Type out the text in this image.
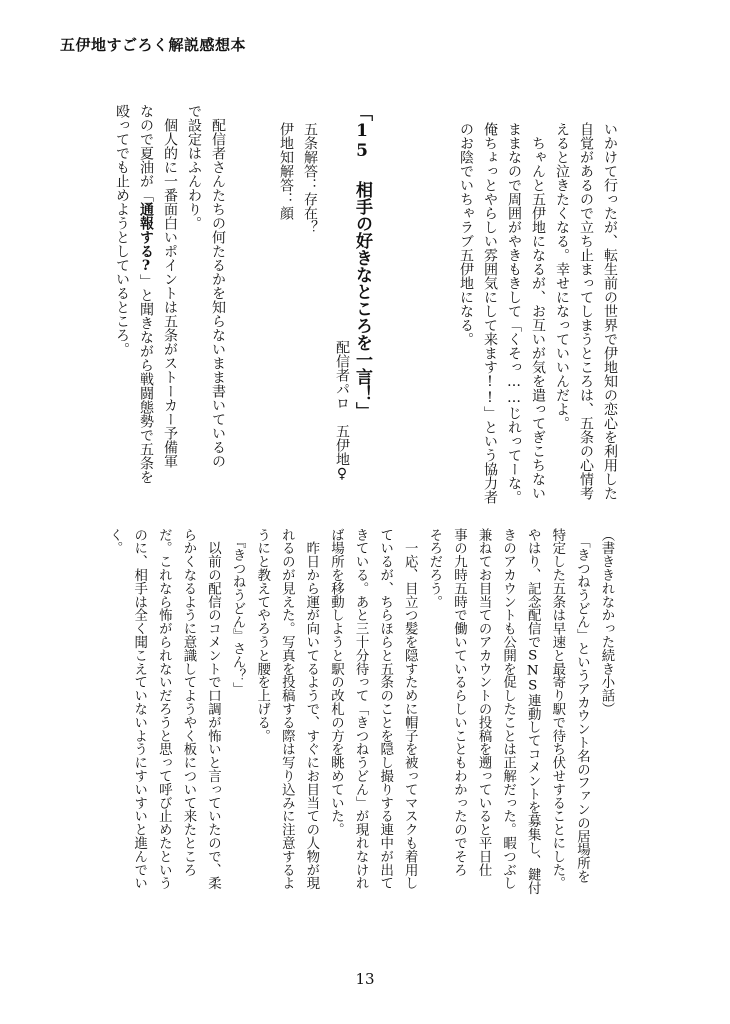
五伊地すごろく解説感想本
いかけて行ったが、転生前の世界で伊地知の恋心を利用した
自覚があるので立ち止まってしまうところは、五条の心情考
えると泣きたくなる。幸せになっていいんだよ。
　ちゃんと五伊地になるが、お互いが気を遣ってぎこちない
ままなので周囲がやきもきして「くそっ……じれってーな。
俺ちょっとやらしい雰囲気にして来ます!!」という協力者
のお陰でいちゃラブ五伊地になる。
「15 相手の好きなところを一言！」
配信者パロ　五伊地♀
五条解答：存在？
伊地知解答：顔
　配信者さんたちの何たるかを知らないまま書いているの
で設定はふんわり。
　個人的に一番面白いポイントは五条がストーカー予備軍
なので夏油が「通報する?」と聞きながら戦闘態勢で五条を
殴ってでも止めようとしているところ。
（書ききれなかった続き小話）
　「きつねうどん」というアカウント名のファンの居場所を
特定した五条は早速と最寄り駅で待ち伏せすることにした。
やはり、記念配信でSNS連動してコメントを募集し、鍵付
きのアカウントも公開を促したことは正解だった。暇つぶし
兼ねてお目当てのアカウントの投稿を遡っていると平日仕
事の九時五時で働いているらしいこともわかったのでそろ
そろだろう。
　一応、目立つ髪を隠すために帽子を被ってマスクも着用し
ているが、ちらほらと五条のことを隠し撮りする連中が出て
きている。あと三十分待って「きつねうどん」が現れなけれ
ば場所を移動しようと駅の改札の方を眺めていた。
　昨日から運が向いてるようで、すぐにお目当ての人物が現
れるのが見えた。写真を投稿する際は写り込みに注意するよ
うにと教えてやろうと腰を上げる。
　『きつねうどん』さん？」
　以前の配信のコメントで口調が怖いと言っていたので、柔
らかくなるように意識してようやく板について来たところ
だ。これなら怖がられないだろうと思って呼び止めたという
のに、相手は全く聞こえていないようにすいすいと進んでい
く。
13
